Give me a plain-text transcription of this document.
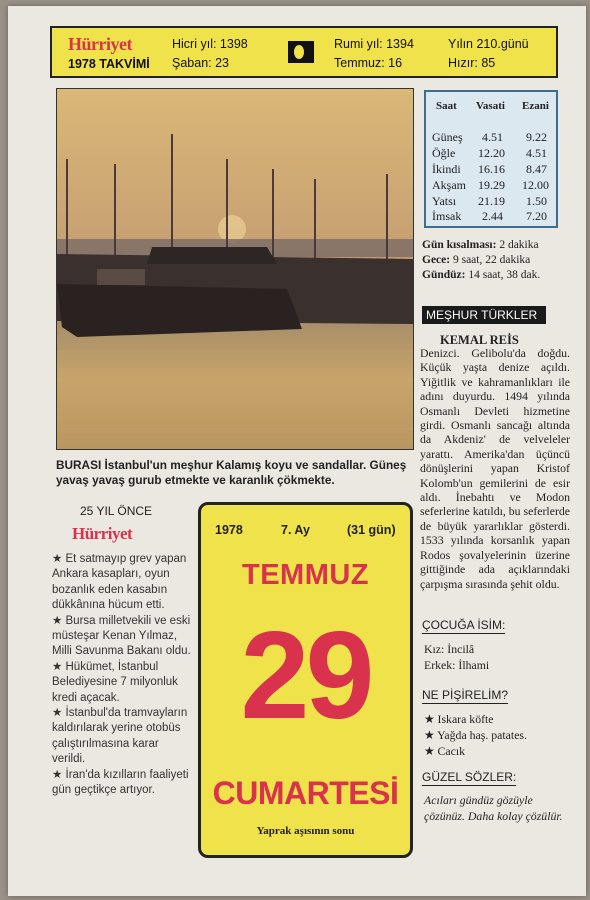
Hürriyet
1978 TAKVİMİ
Hicri yıl: 1398
Şaban: 23
Rumi yıl: 1394
Temmuz: 16
Yılın 210.günü
Hızır: 85
BURASI İstanbul'un meşhur Kalamış koyu ve sandallar. Güneş yavaş yavaş gurub etmekte ve karanlık çökmekte.
Saat Vasati Ezani
Güneş 4.51 9.22
Öğle 12.20 4.51
İkindi 16.16 8.47
Akşam 19.29 12.00
Yatsı 21.19 1.50
İmsak 2.44 7.20
Gün kısalması: 2 dakika
Gece: 9 saat, 22 dakika
Gündüz: 14 saat, 38 dak.
MEŞHUR TÜRKLER
KEMAL REİS
Denizci. Gelibolu'da doğdu. Küçük yaşta denize açıldı. Yiğitlik ve kahramanlıkları ile adını duyurdu. 1494 yılında Osmanlı Devleti hizmetine girdi. Osmanlı sancağı altında da Akdeniz' de velveleler yarattı. Amerika'dan üçüncü dönüşlerini yapan Kristof Kolomb'un gemilerini de esir aldı. İnebahtı ve Modon seferlerine katıldı, bu seferlerde de büyük yararlıklar gösterdi. 1533 yılında korsanlık yapan Rodos şovalyelerinin üzerine gittiğinde ada açıklarındaki çarpışma sırasında şehit oldu.
ÇOCUĞA İSİM:
Kız: İncilâ
Erkek: İlhami
NE PİŞİRELİM?
★ Iskara köfte
★ Yağda haş. patates.
★ Cacık
GÜZEL SÖZLER:
Acıları gündüz gözüyle çözünüz. Daha kolay çözülür.
25 YIL ÖNCE
Hürriyet

★ Et satmayıp grev yapan Ankara kasapları, oyun bozanlık eden kasabın dükkânına hücum etti.

★ Bursa milletvekili ve eski müsteşar Kenan Yılmaz, Milli Savunma Bakanı oldu.

★ Hükümet, İstanbul Belediyesine 7 milyonluk kredi açacak.

★ İstanbul'da tramvayların kaldırılarak yerine otobüs çalıştırılmasına karar verildi.

★ İran'da kızılların faaliyeti gün geçtikçe artıyor.

1978	7. Ay	(31 gün)
TEMMUZ
29
CUMARTESİ
Yaprak aşısının sonu
